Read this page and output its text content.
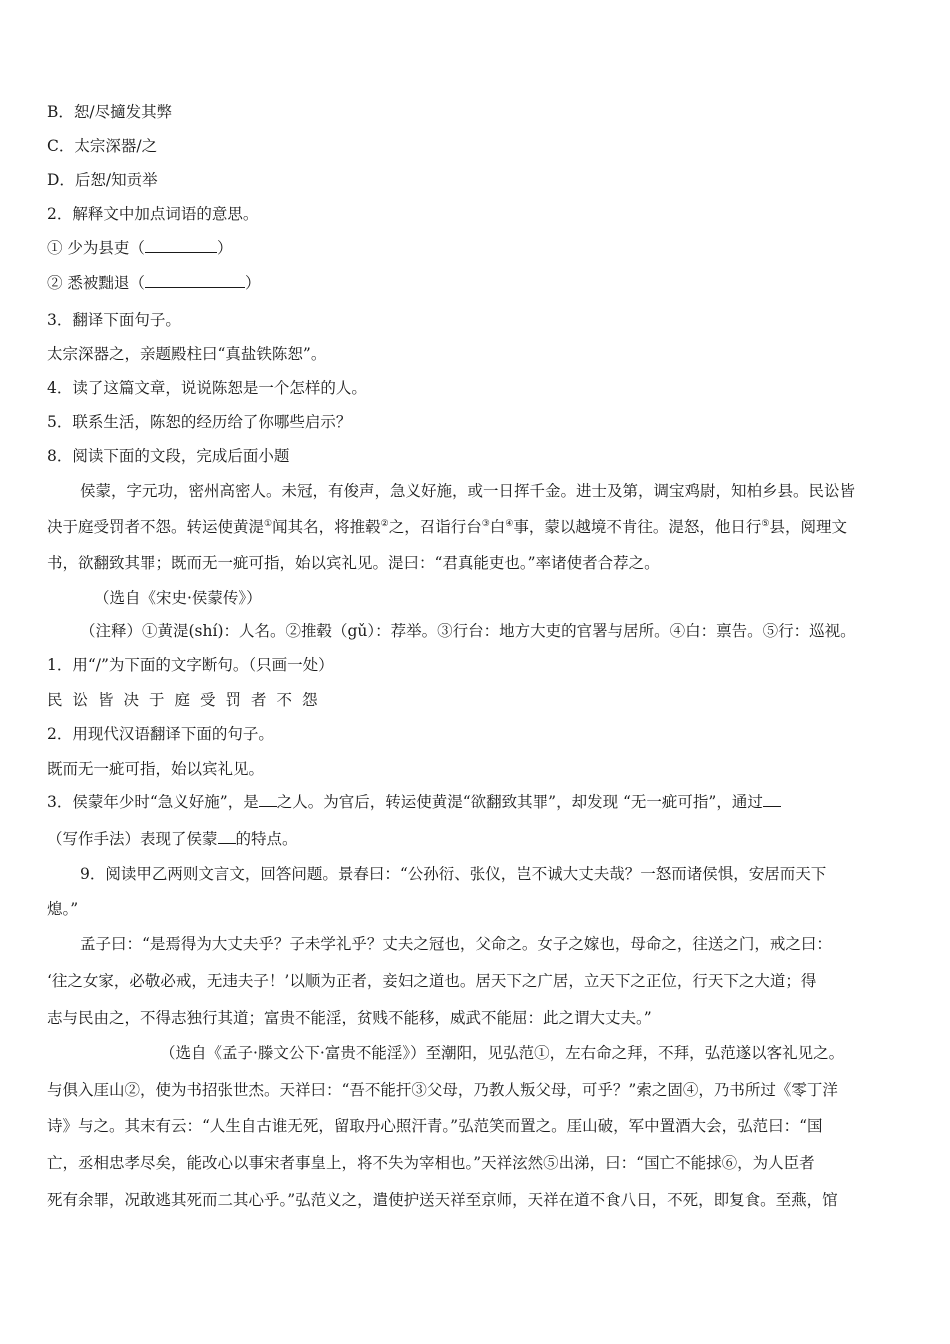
B．恕/尽擿发其弊
C．太宗深器/之
D．后恕/知贡举
2．解释文中加点词语的意思。
① 少为县吏（	）
② 悉被黜退（	）
3．翻译下面句子。
太宗深器之，亲题殿柱曰“真盐铁陈恕”。
4．读了这篇文章，说说陈恕是一个怎样的人。
5．联系生活，陈恕的经历给了你哪些启示？
8．阅读下面的文段，完成后面小题
侯蒙，字元功，密州高密人。未冠，有俊声，急义好施，或一日挥千金。进士及第，调宝鸡尉，知柏乡县。民讼皆
决于庭受罚者不怨。转运使黄湜①闻其名，将推毂②之，召诣行台③白④事，蒙以越境不肯往。湜怒，他日行⑤县，阅理文
书，欲翻致其罪；既而无一疵可指，始以宾礼见。湜曰：“君真能吏也。”率诸使者合荐之。
（选自《宋史·侯蒙传》）
（注释）①黄湜(shí)：人名。②推毂（gǔ）：荐举。③行台：地方大吏的官署与居所。④白：禀告。⑤行：巡视。
1．用“/”为下面的文字断句。（只画一处）
民讼皆决于庭受罚者不怨
2．用现代汉语翻译下面的句子。
既而无一疵可指，始以宾礼见。
3．侯蒙年少时“急义好施”，是 之人。为官后，转运使黄湜“欲翻致其罪”，却发现 “无一疵可指”，通过
（写作手法）表现了侯蒙 的特点。
9．阅读甲乙两则文言文，回答问题。景春曰：“公孙衍、张仪，岂不诚大丈夫哉？一怒而诸侯惧，安居而天下
熄。”
孟子曰：“是焉得为大丈夫乎？子未学礼乎？丈夫之冠也，父命之。女子之嫁也，母命之，往送之门，戒之曰：
‘往之女家，必敬必戒，无违夫子！’以顺为正者，妾妇之道也。居天下之广居，立天下之正位，行天下之大道；得
志与民由之，不得志独行其道；富贵不能淫，贫贱不能移，威武不能屈：此之谓大丈夫。”
（选自《孟子·滕文公下·富贵不能淫》）至潮阳，见弘范①，左右命之拜，不拜，弘范遂以客礼见之。
与俱入厓山②，使为书招张世杰。天祥曰：“吾不能扞③父母，乃教人叛父母，可乎？”索之固④，乃书所过《零丁洋
诗》与之。其末有云：“人生自古谁无死，留取丹心照汗青。”弘范笑而置之。厓山破，军中置酒大会，弘范曰：“国
亡，丞相忠孝尽矣，能改心以事宋者事皇上，将不失为宰相也。”天祥泫然⑤出涕，曰：“国亡不能捄⑥，为人臣者
死有余罪，况敢逃其死而二其心乎。”弘范义之，遣使护送天祥至京师，天祥在道不食八日，不死，即复食。至燕，馆
